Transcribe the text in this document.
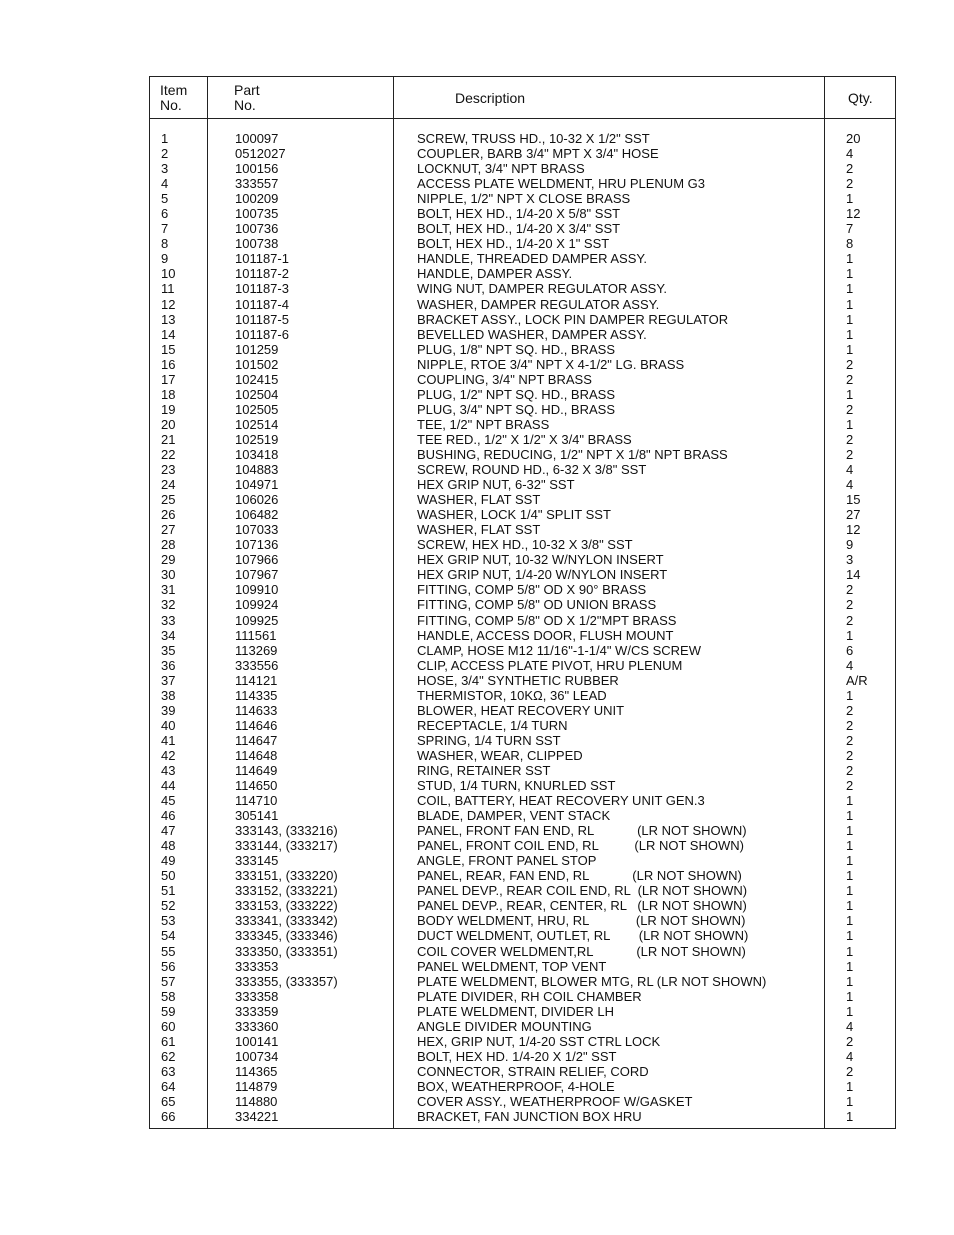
Item
No.
Part
No.	Description	Qty.
1
2
3
4
5
6
7
8
9
10
11
12
13
14
15
16
17
18
19
20
21
22
23
24
25
26
27
28
29
30
31
32
33
34
35
36
37
38
39
40
41
42
43
44
45
46
47
48
49
50
51
52
53
54
55
56
57
58
59
60
61
62
63
64
65
66
100097
0512027
100156
333557
100209
100735
100736
100738
101187-1
101187-2
101187-3
101187-4
101187-5
101187-6
101259
101502
102415
102504
102505
102514
102519
103418
104883
104971
106026
106482
107033
107136
107966
107967
109910
109924
109925
111561
113269
333556
114121
114335
114633
114646
114647
114648
114649
114650
114710
305141
333143, (333216)
333144, (333217)
333145
333151, (333220)
333152, (333221)
333153, (333222)
333341, (333342)
333345, (333346)
333350, (333351)
333353
333355, (333357)
333358
333359
333360
100141
100734
114365
114879
114880
334221
SCREW, TRUSS HD., 10-32 X 1/2" SST
COUPLER, BARB 3/4" MPT X 3/4" HOSE
LOCKNUT, 3/4" NPT BRASS
ACCESS PLATE WELDMENT, HRU PLENUM G3
NIPPLE, 1/2" NPT X CLOSE BRASS
BOLT, HEX HD., 1/4-20 X 5/8" SST
BOLT, HEX HD., 1/4-20 X 3/4" SST
BOLT, HEX HD., 1/4-20 X 1" SST
HANDLE, THREADED DAMPER ASSY.
HANDLE, DAMPER ASSY.
WING NUT, DAMPER REGULATOR ASSY.
WASHER, DAMPER REGULATOR ASSY.
BRACKET ASSY., LOCK PIN DAMPER REGULATOR
BEVELLED WASHER, DAMPER ASSY.
PLUG, 1/8" NPT SQ. HD., BRASS
NIPPLE, RTOE 3/4" NPT X 4-1/2" LG. BRASS
COUPLING, 3/4" NPT BRASS
PLUG, 1/2" NPT SQ. HD., BRASS
PLUG, 3/4" NPT SQ. HD., BRASS
TEE, 1/2" NPT BRASS
TEE RED., 1/2" X 1/2" X 3/4" BRASS
BUSHING, REDUCING, 1/2" NPT X 1/8" NPT BRASS
SCREW, ROUND HD., 6-32 X 3/8" SST
HEX GRIP NUT, 6-32" SST
WASHER, FLAT SST
WASHER, LOCK 1/4" SPLIT SST
WASHER, FLAT SST
SCREW, HEX HD., 10-32 X 3/8" SST
HEX GRIP NUT, 10-32 W/NYLON INSERT
HEX GRIP NUT, 1/4-20 W/NYLON INSERT
FITTING, COMP 5/8" OD X 90° BRASS
FITTING, COMP 5/8" OD UNION BRASS
FITTING, COMP 5/8" OD X 1/2"MPT BRASS
HANDLE, ACCESS DOOR, FLUSH MOUNT
CLAMP, HOSE M12 11/16"-1-1/4" W/CS SCREW
CLIP, ACCESS PLATE PIVOT, HRU PLENUM
HOSE, 3/4" SYNTHETIC RUBBER
THERMISTOR, 10KΩ, 36" LEAD
BLOWER, HEAT RECOVERY UNIT
RECEPTACLE, 1/4 TURN
SPRING, 1/4 TURN SST
WASHER, WEAR, CLIPPED
RING, RETAINER SST
STUD, 1/4 TURN, KNURLED SST
COIL, BATTERY, HEAT RECOVERY UNIT GEN.3
BLADE, DAMPER, VENT STACK
PANEL, FRONT FAN END, RL            (LR NOT SHOWN)
PANEL, FRONT COIL END, RL          (LR NOT SHOWN)
ANGLE, FRONT PANEL STOP
PANEL, REAR, FAN END, RL            (LR NOT SHOWN)
PANEL DEVP., REAR COIL END, RL  (LR NOT SHOWN)
PANEL DEVP., REAR, CENTER, RL   (LR NOT SHOWN)
BODY WELDMENT, HRU, RL             (LR NOT SHOWN)
DUCT WELDMENT, OUTLET, RL        (LR NOT SHOWN)
COIL COVER WELDMENT,RL            (LR NOT SHOWN)
PANEL WELDMENT, TOP VENT
PLATE WELDMENT, BLOWER MTG, RL (LR NOT SHOWN)
PLATE DIVIDER, RH COIL CHAMBER
PLATE WELDMENT, DIVIDER LH
ANGLE DIVIDER MOUNTING
HEX, GRIP NUT, 1/4-20 SST CTRL LOCK
BOLT, HEX HD. 1/4-20 X 1/2" SST
CONNECTOR, STRAIN RELIEF, CORD
BOX, WEATHERPROOF, 4-HOLE
COVER ASSY., WEATHERPROOF W/GASKET
BRACKET, FAN JUNCTION BOX HRU
20
4
2
2
1
12
7
8
1
1
1
1
1
1
1
2
2
1
2
1
2
2
4
4
15
27
12
9
3
14
2
2
2
1
6
4
A/R
1
2
2
2
2
2
2
1
1
1
1
1
1
1
1
1
1
1
1
1
1
1
4
2
4
2
1
1
1
